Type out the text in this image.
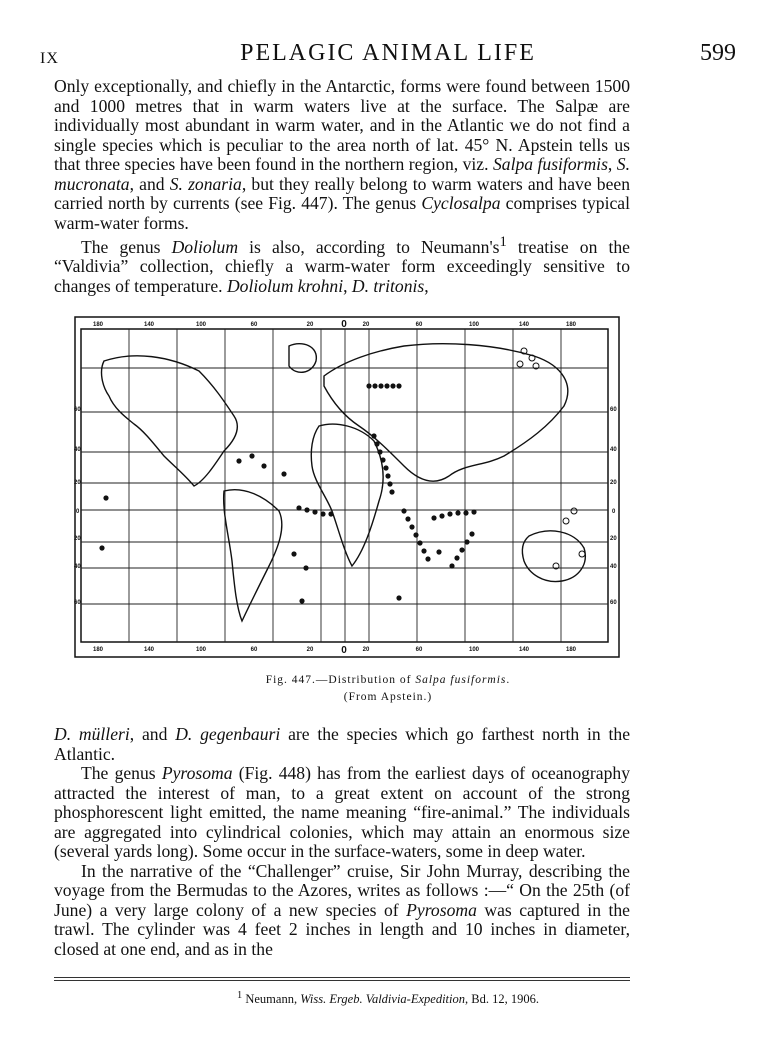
IX	PELAGIC ANIMAL LIFE	599

Only exceptionally, and chiefly in the Antarctic, forms were found between 1500 and 1000 metres that in warm waters live at the surface. The Salpæ are individually most abundant in warm water, and in the Atlantic we do not find a single species which is peculiar to the area north of lat. 45° N. Apstein tells us that three species have been found in the northern region, viz. Salpa fusiformis, S. mucronata, and S. zonaria, but they really belong to warm waters and have been carried north by currents (see Fig. 447). The genus Cyclosalpa comprises typical warm-water forms.

The genus Doliolum is also, according to $Neumann's^1$ treatise on the “Valdivia” collection, chiefly a warm-water form exceedingly sensitive to changes of temperature. Doliolum krohni, D. tritonis,

180	140	100	60	20	0	20	60	100	140	180
180	140	100	60	20	0	20	60	100	140	180
60
40
20
0
20
40
60
60
40
20
0
20
40
60
Fig. 447.—Distribution of Salpa fusiformis.
(From Apstein.)

D. mülleri, and D. gegenbauri are the species which go farthest north in the Atlantic.

The genus Pyrosoma (Fig. 448) has from the earliest days of oceanography attracted the interest of man, to a great extent on account of the strong phosphorescent light emitted, the name meaning “fire-animal.” The individuals are aggregated into cylindrical colonies, which may attain an enormous size (several yards long). Some occur in the surface-waters, some in deep water.

In the narrative of the “Challenger” cruise, Sir John Murray, describing the voyage from the Bermudas to the Azores, writes as follows :—“ On the 25th (of June) a very large colony of a new species of Pyrosoma was captured in the trawl. The cylinder was 4 feet 2 inches in length and 10 inches in diameter, closed at one end, and as in the

$^1$ Neumann, Wiss. Ergeb. Valdivia-Expedition, Bd. 12, 1906.
